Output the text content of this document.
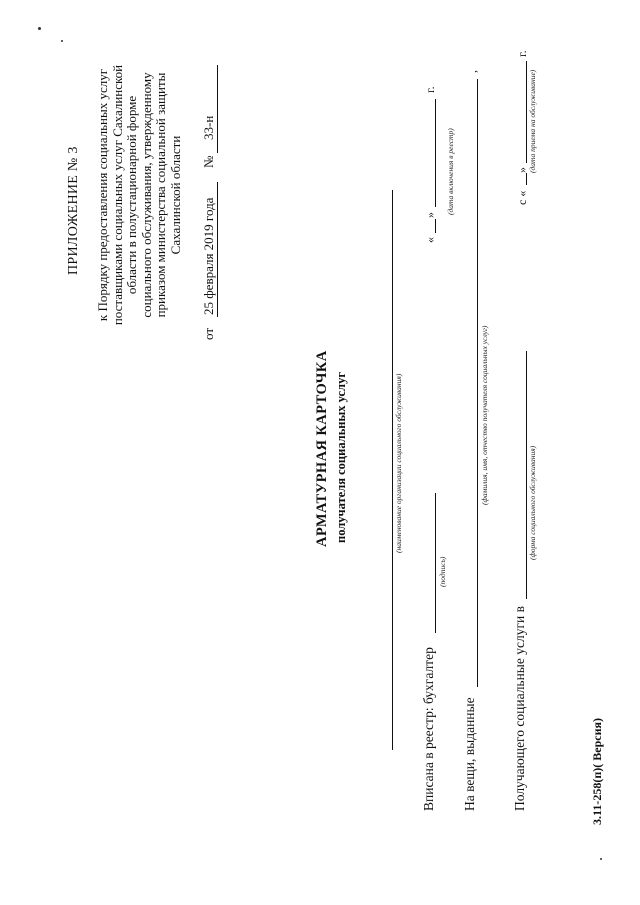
ПРИЛОЖЕНИЕ № 3 к Порядку предоставления социальных услуг поставщиками социальных услуг Сахалинской области в полустационарной форме социального обслуживания, утвержденному приказом министерства социальной защиты Сахалинской области
от
25 февраля 2019 года
№
33-н
АРМАТУРНАЯ КАРТОЧКА получателя социальных услуг	(наименование организации социального обслуживания)
Вписана в реестр: бухгалтер
(подпись)
«
»
г.
(дата включения в реестр)
На вещи, выданные
,
(фамилия, имя, отчество получателя социальных услуг)
Получающего социальные услуги в
(форма социального обслуживания)
с «
»
г.
(дата приема на обслуживание)
3.11-258(п)( Версия)
